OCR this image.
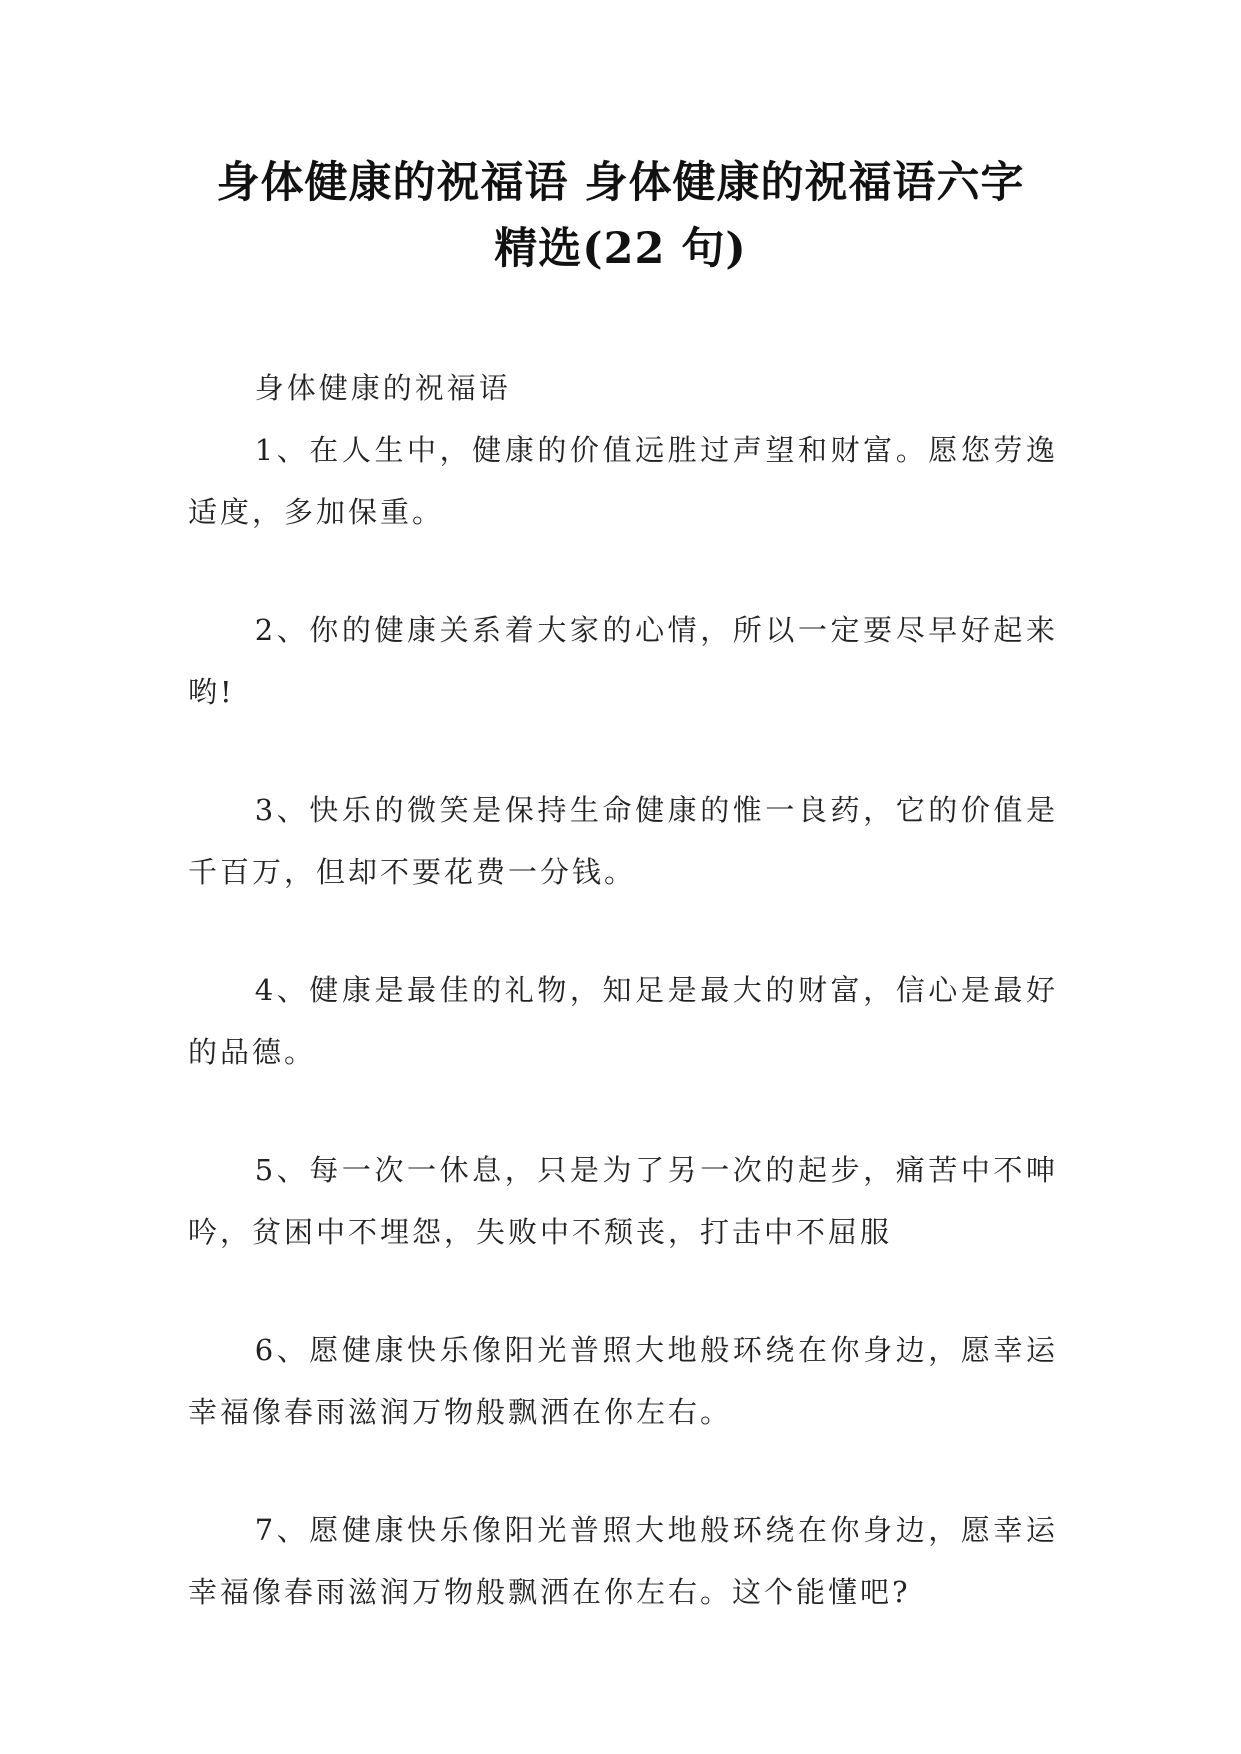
身体健康的祝福语 身体健康的祝福语六字
精选(22 句)

身体健康的祝福语

1、在人生中，健康的价值远胜过声望和财富。愿您劳逸适度，多加保重。

2、你的健康关系着大家的心情，所以一定要尽早好起来哟!

3、快乐的微笑是保持生命健康的惟一良药，它的价值是千百万，但却不要花费一分钱。

4、健康是最佳的礼物，知足是最大的财富，信心是最好的品德。

5、每一次一休息，只是为了另一次的起步，痛苦中不呻吟，贫困中不埋怨，失败中不颓丧，打击中不屈服

6、愿健康快乐像阳光普照大地般环绕在你身边，愿幸运幸福像春雨滋润万物般飘洒在你左右。

7、愿健康快乐像阳光普照大地般环绕在你身边，愿幸运幸福像春雨滋润万物般飘洒在你左右。这个能懂吧?
